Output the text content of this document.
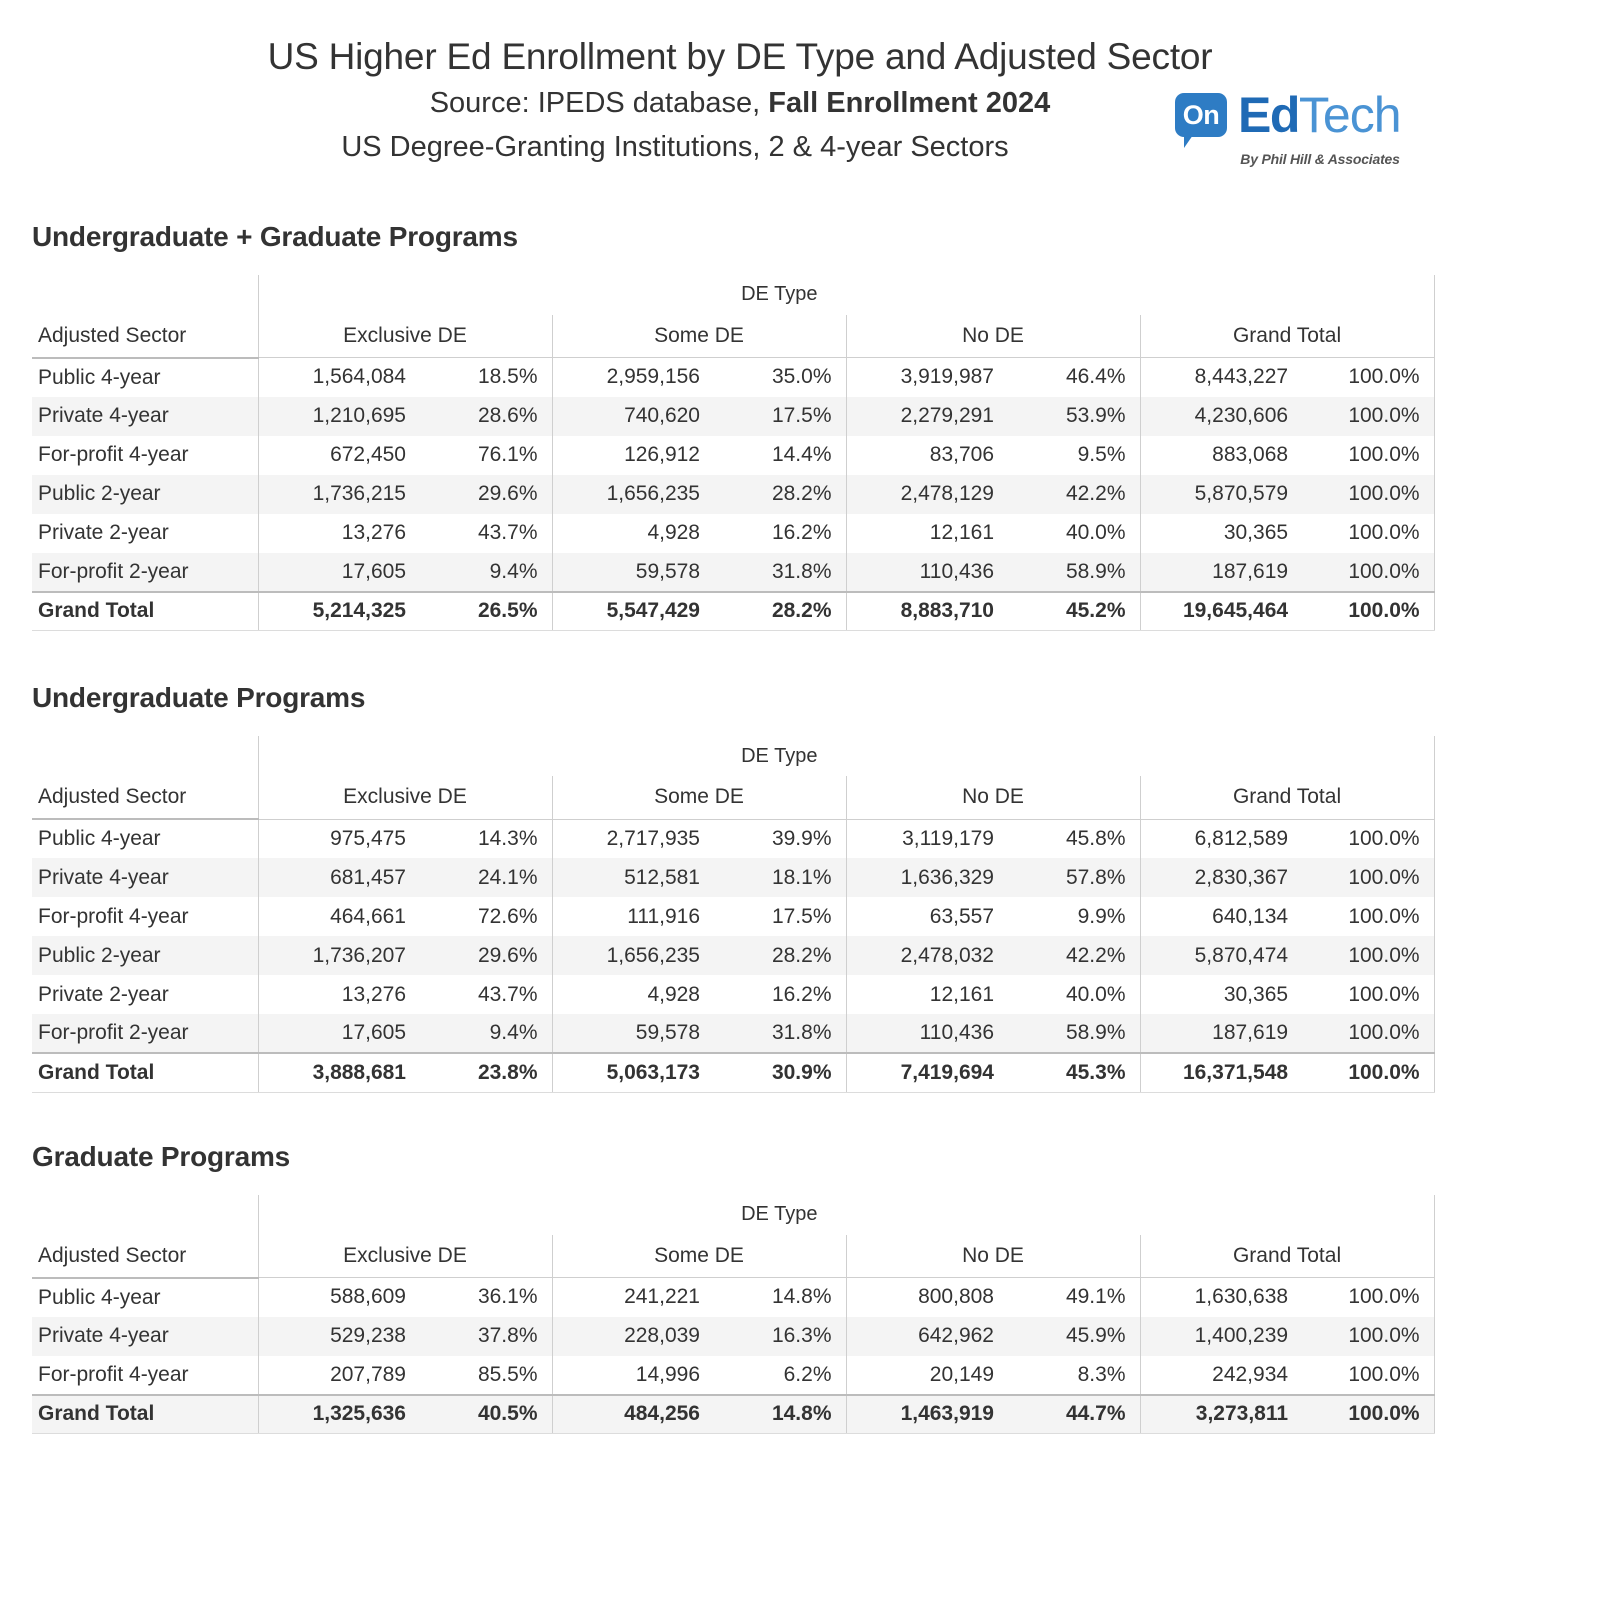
US Higher Ed Enrollment by DE Type and Adjusted Sector
Source: IPEDS database, Fall Enrollment 2024
US Degree-Granting Institutions, 2 & 4-year Sectors
On Ed Tech
By Phil Hill & Associates
Undergraduate + Graduate Programs
	DE Type							
Adjusted Sector	Exclusive DE		Some DE		No DE		Grand Total	
Public 4-year	1,564,084	18.5%	2,959,156	35.0%	3,919,987	46.4%	8,443,227	100.0%
Private 4-year	1,210,695	28.6%	740,620	17.5%	2,279,291	53.9%	4,230,606	100.0%
For-profit 4-year	672,450	76.1%	126,912	14.4%	83,706	9.5%	883,068	100.0%
Public 2-year	1,736,215	29.6%	1,656,235	28.2%	2,478,129	42.2%	5,870,579	100.0%
Private 2-year	13,276	43.7%	4,928	16.2%	12,161	40.0%	30,365	100.0%
For-profit 2-year	17,605	9.4%	59,578	31.8%	110,436	58.9%	187,619	100.0%
Grand Total	5,214,325	26.5%	5,547,429	28.2%	8,883,710	45.2%	19,645,464	100.0%
Undergraduate Programs
	DE Type							
Adjusted Sector	Exclusive DE		Some DE		No DE		Grand Total	
Public 4-year	975,475	14.3%	2,717,935	39.9%	3,119,179	45.8%	6,812,589	100.0%
Private 4-year	681,457	24.1%	512,581	18.1%	1,636,329	57.8%	2,830,367	100.0%
For-profit 4-year	464,661	72.6%	111,916	17.5%	63,557	9.9%	640,134	100.0%
Public 2-year	1,736,207	29.6%	1,656,235	28.2%	2,478,032	42.2%	5,870,474	100.0%
Private 2-year	13,276	43.7%	4,928	16.2%	12,161	40.0%	30,365	100.0%
For-profit 2-year	17,605	9.4%	59,578	31.8%	110,436	58.9%	187,619	100.0%
Grand Total	3,888,681	23.8%	5,063,173	30.9%	7,419,694	45.3%	16,371,548	100.0%
Graduate Programs
	DE Type							
Adjusted Sector	Exclusive DE		Some DE		No DE		Grand Total	
Public 4-year	588,609	36.1%	241,221	14.8%	800,808	49.1%	1,630,638	100.0%
Private 4-year	529,238	37.8%	228,039	16.3%	642,962	45.9%	1,400,239	100.0%
For-profit 4-year	207,789	85.5%	14,996	6.2%	20,149	8.3%	242,934	100.0%
Grand Total	1,325,636	40.5%	484,256	14.8%	1,463,919	44.7%	3,273,811	100.0%
